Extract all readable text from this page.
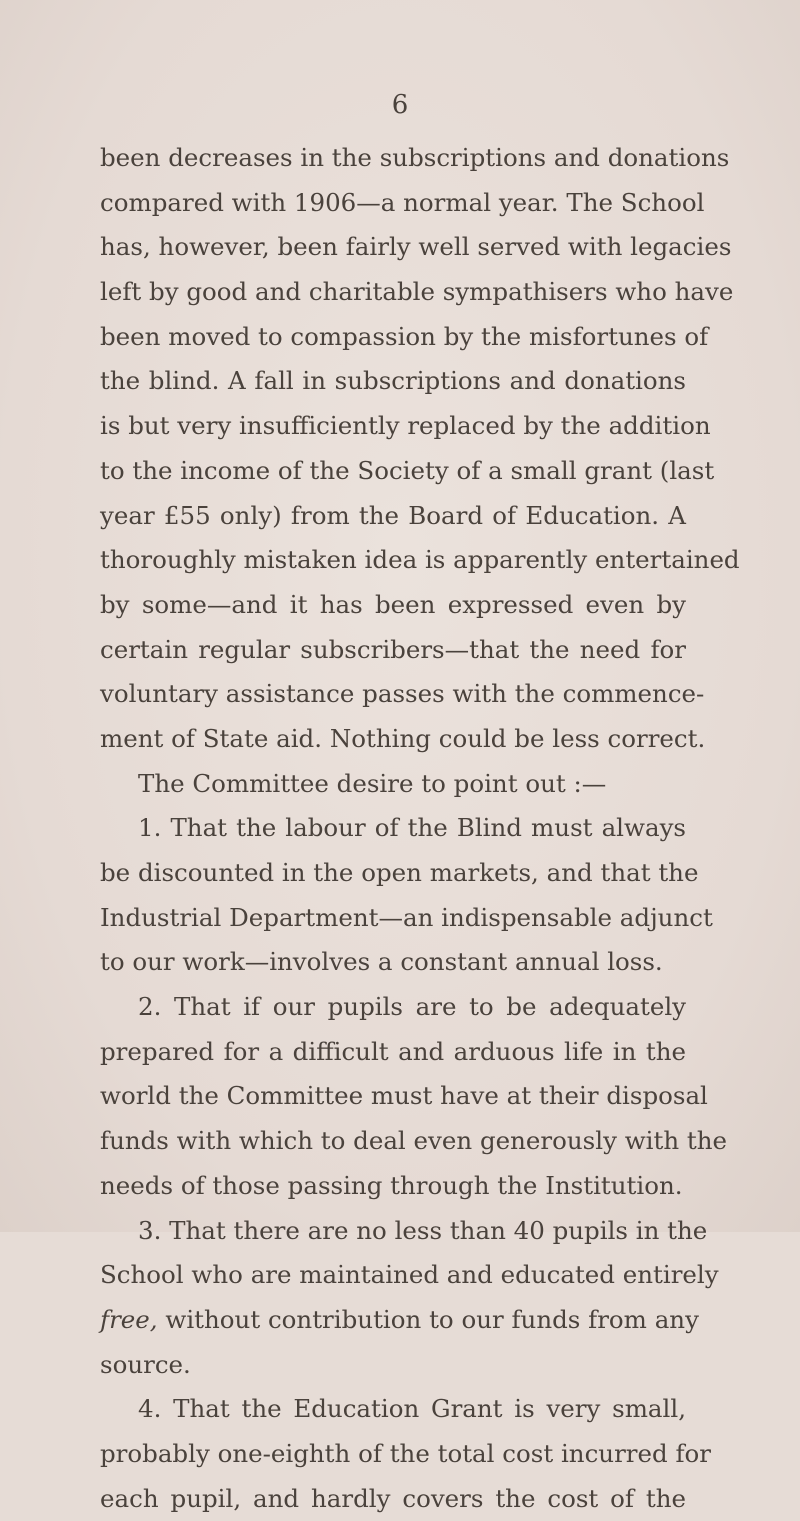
6
been decreases in the subscriptions and donations
compared with 1906—a normal year. The School
has, however, been fairly well served with legacies
left by good and charitable sympathisers who have
been moved to compassion by the misfortunes of
the blind. A fall in subscriptions and donations
is but very insufficiently replaced by the addition
to the income of the Society of a small grant (last
year £55 only) from the Board of Education. A
thoroughly mistaken idea is apparently entertained
by some—and it has been expressed even by
certain regular subscribers—that the need for
voluntary assistance passes with the commence-
ment of State aid. Nothing could be less correct.
The Committee desire to point out :—
1. That the labour of the Blind must always
be discounted in the open markets, and that the
Industrial Department—an indispensable adjunct
to our work—involves a constant annual loss.
2. That if our pupils are to be adequately
prepared for a difficult and arduous life in the
world the Committee must have at their disposal
funds with which to deal even generously with the
needs of those passing through the Institution.
3. That there are no less than 40 pupils in the
School who are maintained and educated entirely
free, without contribution to our funds from any
source.
4. That the Education Grant is very small,
probably one-eighth of the total cost incurred for
each pupil, and hardly covers the cost of the
